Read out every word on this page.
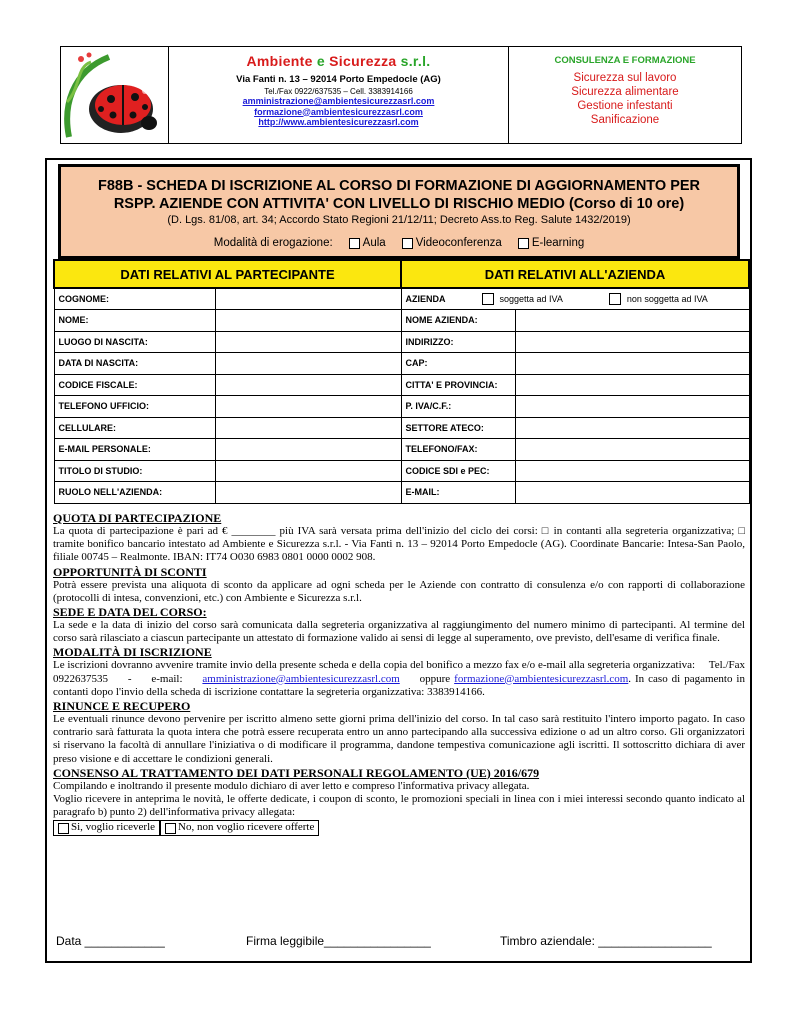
Ambiente e Sicurezza s.r.l.
Via Fanti n. 13 – 92014 Porto Empedocle (AG)
Tel./Fax 0922/637535 – Cell. 3383914166
amministrazione@ambientesicurezzasrl.com
formazione@ambientesicurezzasrl.com
http://www.ambientesicurezzasrl.com
CONSULENZA E FORMAZIONE
Sicurezza sul lavoro
Sicurezza alimentare
Gestione infestanti
Sanificazione
F88B - SCHEDA DI ISCRIZIONE AL CORSO DI FORMAZIONE DI AGGIORNAMENTO PER
RSPP. AZIENDE CON ATTIVITA' CON LIVELLO DI RISCHIO MEDIO (Corso di 10 ore)
(D. Lgs. 81/08, art. 34; Accordo Stato Regioni 21/12/11; Decreto Ass.to Reg. Salute 1432/2019)
Modalità di erogazione:	Aula	Videoconferenza	E-learning
DATI RELATIVI AL PARTECIPANTE		DATI RELATIVI ALL'AZIENDA	
COGNOME:		AZIENDA soggetta ad IVA non soggetta ad IVA	

NOME:		NOME AZIENDA:	
LUOGO DI NASCITA:		INDIRIZZO:	
DATA DI NASCITA:		CAP:	
CODICE FISCALE:		CITTA' E PROVINCIA:	
TELEFONO UFFICIO:		P. IVA/C.F.:	
CELLULARE:		SETTORE ATECO:	
E-MAIL PERSONALE:		TELEFONO/FAX:	
TITOLO DI STUDIO:		CODICE SDI e PEC:	
RUOLO NELL'AZIENDA:		E-MAIL:	
QUOTA DI PARTECIPAZIONE
La quota di partecipazione è pari ad € ________ più IVA sarà versata prima dell'inizio del ciclo dei corsi: □ in contanti alla segreteria organizzativa; □ tramite bonifico bancario intestato ad Ambiente e Sicurezza s.r.l. - Via Fanti n. 13 – 92014 Porto Empedocle (AG). Coordinate Bancarie: Intesa-San Paolo, filiale 00745 – Realmonte. IBAN: IT74 O030 6983 0801 0000 0002 908.
OPPORTUNITÀ DI SCONTI
Potrà essere prevista una aliquota di sconto da applicare ad ogni scheda per le Aziende con contratto di consulenza e/o con rapporti di collaborazione (protocolli di intesa, convenzioni, etc.) con Ambiente e Sicurezza s.r.l.
SEDE E DATA DEL CORSO:
La sede e la data di inizio del corso sarà comunicata dalla segreteria organizzativa al raggiungimento del numero minimo di partecipanti. Al termine del corso sarà rilasciato a ciascun partecipante un attestato di formazione valido ai sensi di legge al superamento, ove previsto, dell'esame di verifica finale.
MODALITÀ DI ISCRIZIONE
Le iscrizioni dovranno avvenire tramite invio della presente scheda e della copia del bonifico a mezzo fax e/o e-mail alla segreteria organizzativa:     Tel./Fax     0922637535     -     e-mail:     amministrazione@ambientesicurezzasrl.com     oppure formazione@ambientesicurezzasrl.com. In caso di pagamento in contanti dopo l'invio della scheda di iscrizione contattare la segreteria organizzativa: 3383914166.
RINUNCE E RECUPERO
Le eventuali rinunce devono pervenire per iscritto almeno sette giorni prima dell'inizio del corso. In tal caso sarà restituito l'intero importo pagato. In caso contrario sarà fatturata la quota intera che potrà essere recuperata entro un anno partecipando alla successiva edizione o ad un altro corso. Gli organizzatori si riservano la facoltà di annullare l'iniziativa o di modificare il programma, dandone tempestiva comunicazione agli iscritti. Il sottoscritto dichiara di aver preso visione e di accettare le condizioni generali.
CONSENSO AL TRATTAMENTO DEI DATI PERSONALI REGOLAMENTO (UE) 2016/679
Compilando e inoltrando il presente modulo dichiaro di aver letto e compreso l'informativa privacy allegata.
Voglio ricevere in anteprima le novità, le offerte dedicate, i coupon di sconto, le promozioni speciali in linea con i miei interessi secondo quanto indicato al paragrafo b) punto 2) dell'informativa privacy allegata:
Si, voglio riceverle No, non voglio ricevere offerte
Data ____________	Firma leggibile________________	Timbro aziendale: _________________
